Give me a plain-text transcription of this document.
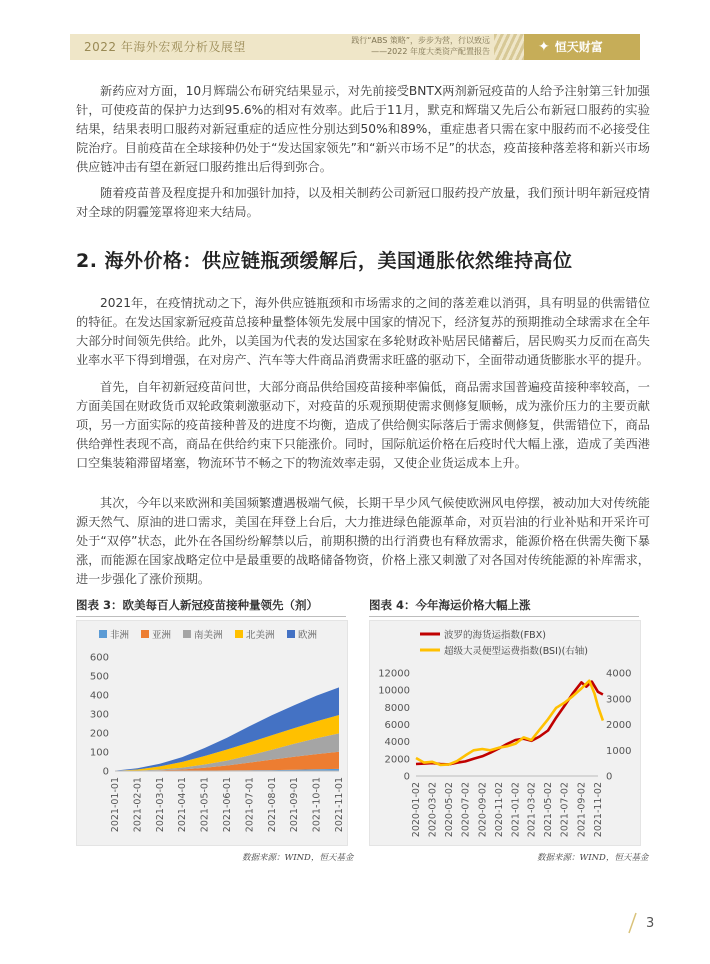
2022 年海外宏观分析及展望	践行“ABS 策略”，步步为营，行以致远
——2022 年度大类资产配置报告	✦ 恒天财富
新药应对方面，10月辉瑞公布研究结果显示，对先前接受BNTX两剂新冠疫苗的人给予注射第三针加强针，可使疫苗的保护力达到95.6%的相对有效率。此后于11月，默克和辉瑞又先后公布新冠口服药的实验结果，结果表明口服药对新冠重症的适应性分别达到50%和89%，重症患者只需在家中服药而不必接受住院治疗。目前疫苗在全球接种仍处于“发达国家领先”和“新兴市场不足”的状态，疫苗接种落差将和新兴市场供应链冲击有望在新冠口服药推出后得到弥合。
随着疫苗普及程度提升和加强针加持，以及相关制药公司新冠口服药投产放量，我们预计明年新冠疫情对全球的阴霾笼罩将迎来大结局。
2. 海外价格：供应链瓶颈缓解后，美国通胀依然维持高位
2021年，在疫情扰动之下，海外供应链瓶颈和市场需求的之间的落差难以消弭，具有明显的供需错位的特征。在发达国家新冠疫苗总接种量整体领先发展中国家的情况下，经济复苏的预期推动全球需求在全年大部分时间领先供给。此外，以美国为代表的发达国家在多轮财政补贴居民储蓄后，居民购买力反而在高失业率水平下得到增强，在对房产、汽车等大件商品消费需求旺盛的驱动下，全面带动通货膨胀水平的提升。
首先，自年初新冠疫苗问世，大部分商品供给国疫苗接种率偏低，商品需求国普遍疫苗接种率较高，一方面美国在财政货币双轮政策刺激驱动下，对疫苗的乐观预期使需求侧修复顺畅，成为涨价压力的主要贡献项，另一方面实际的疫苗接种普及的进度不均衡，造成了供给侧实际落后于需求侧修复，供需错位下，商品供给弹性表现不高，商品在供给约束下只能涨价。同时，国际航运价格在后疫时代大幅上涨，造成了美西港口空集装箱滞留堵塞，物流环节不畅之下的物流效率走弱，又使企业货运成本上升。
其次，今年以来欧洲和美国频繁遭遇极端气候，长期干旱少风气候使欧洲风电停摆，被动加大对传统能源天然气、原油的进口需求，美国在拜登上台后，大力推进绿色能源革命，对页岩油的行业补贴和开采许可处于“双停”状态，此外在各国纷纷解禁以后，前期积攒的出行消费也有释放需求，能源价格在供需失衡下暴涨，而能源在国家战略定位中是最重要的战略储备物资，价格上涨又刺激了对各国对传统能源的补库需求，进一步强化了涨价预期。
图表 3：欧美每百人新冠疫苗接种量领先（剂）
非洲 亚洲 南美洲 北美洲 欧洲
0
100
200
300
400
500
600
2021-01-01 2021-02-01 2021-03-01 2021-04-01 2021-05-01 2021-06-01 2021-07-01 2021-08-01 2021-09-01 2021-10-01 2021-11-01
数据来源：WIND，恒天基金
图表 4：今年海运价格大幅上涨
波罗的海货运指数(FBX)
超级大灵便型运费指数(BSI)(右轴)
0
2000
4000
6000
8000
10000
12000
0
1000
2000
3000
4000
2020-01-02 2020-03-02 2020-05-02 2020-07-02 2020-09-02 2020-11-02 2021-01-02 2021-03-02 2021-05-02 2021-07-02 2021-09-02 2021-11-02
数据来源：WIND，恒天基金
3
